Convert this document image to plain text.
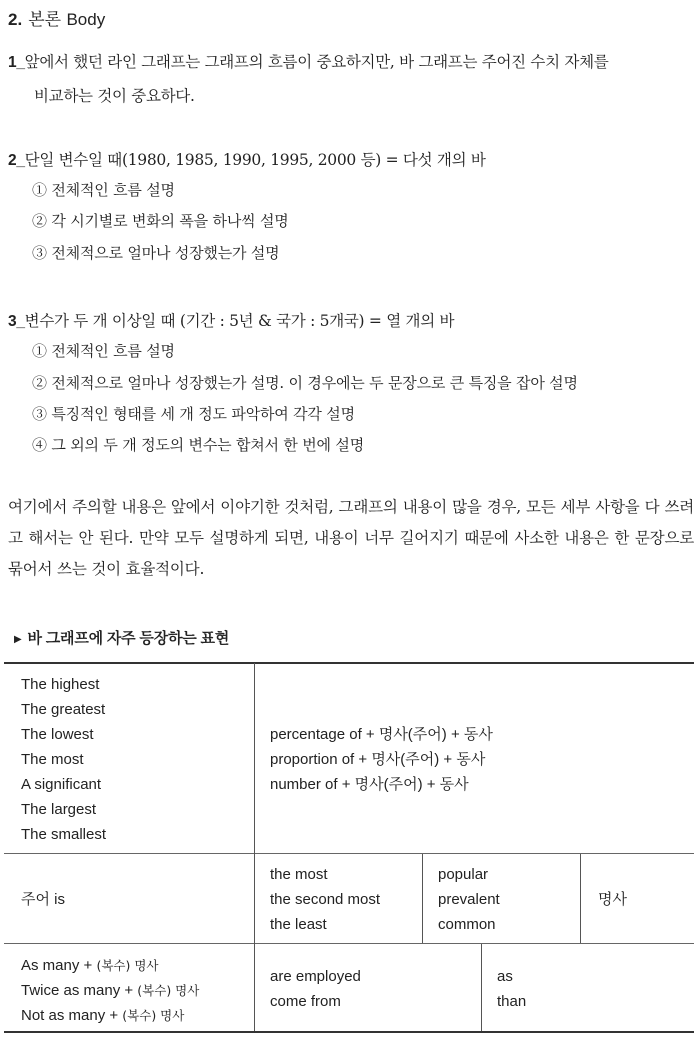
2. 본론 Body
1_앞에서 했던 라인 그래프는 그래프의 흐름이 중요하지만, 바 그래프는 주어진 수치 자체를
비교하는 것이 중요하다.
2_단일 변수일 때(1980, 1985, 1990, 1995, 2000 등) = 다섯 개의 바
① 전체적인 흐름 설명
② 각 시기별로 변화의 폭을 하나씩 설명
③ 전체적으로 얼마나 성장했는가 설명
3_변수가 두 개 이상일 때 (기간 : 5년 & 국가 : 5개국) = 열 개의 바
① 전체적인 흐름 설명
② 전체적으로 얼마나 성장했는가 설명. 이 경우에는 두 문장으로 큰 특징을 잡아 설명
③ 특징적인 형태를 세 개 정도 파악하여 각각 설명
④ 그 외의 두 개 정도의 변수는 합쳐서 한 번에 설명
여기에서 주의할 내용은 앞에서 이야기한 것처럼, 그래프의 내용이 많을 경우, 모든 세부 사항을 다 쓰려고 해서는 안 된다. 만약 모두 설명하게 되면, 내용이 너무 길어지기 때문에 사소한 내용은 한 문장으로 묶어서 쓰는 것이 효율적이다.
▶ 바 그래프에 자주 등장하는 표현
The highest
The greatest
The lowest
The most
A significant
The largest
The smallest
percentage of + 명사(주어) + 동사
proportion of + 명사(주어) + 동사
number of + 명사(주어) + 동사
주어 is
the most
the second most
the least
popular
prevalent
common
명사
As many + (복수) 명사
Twice as many + (복수) 명사
Not as many + (복수) 명사
are employed
come from
as
than
